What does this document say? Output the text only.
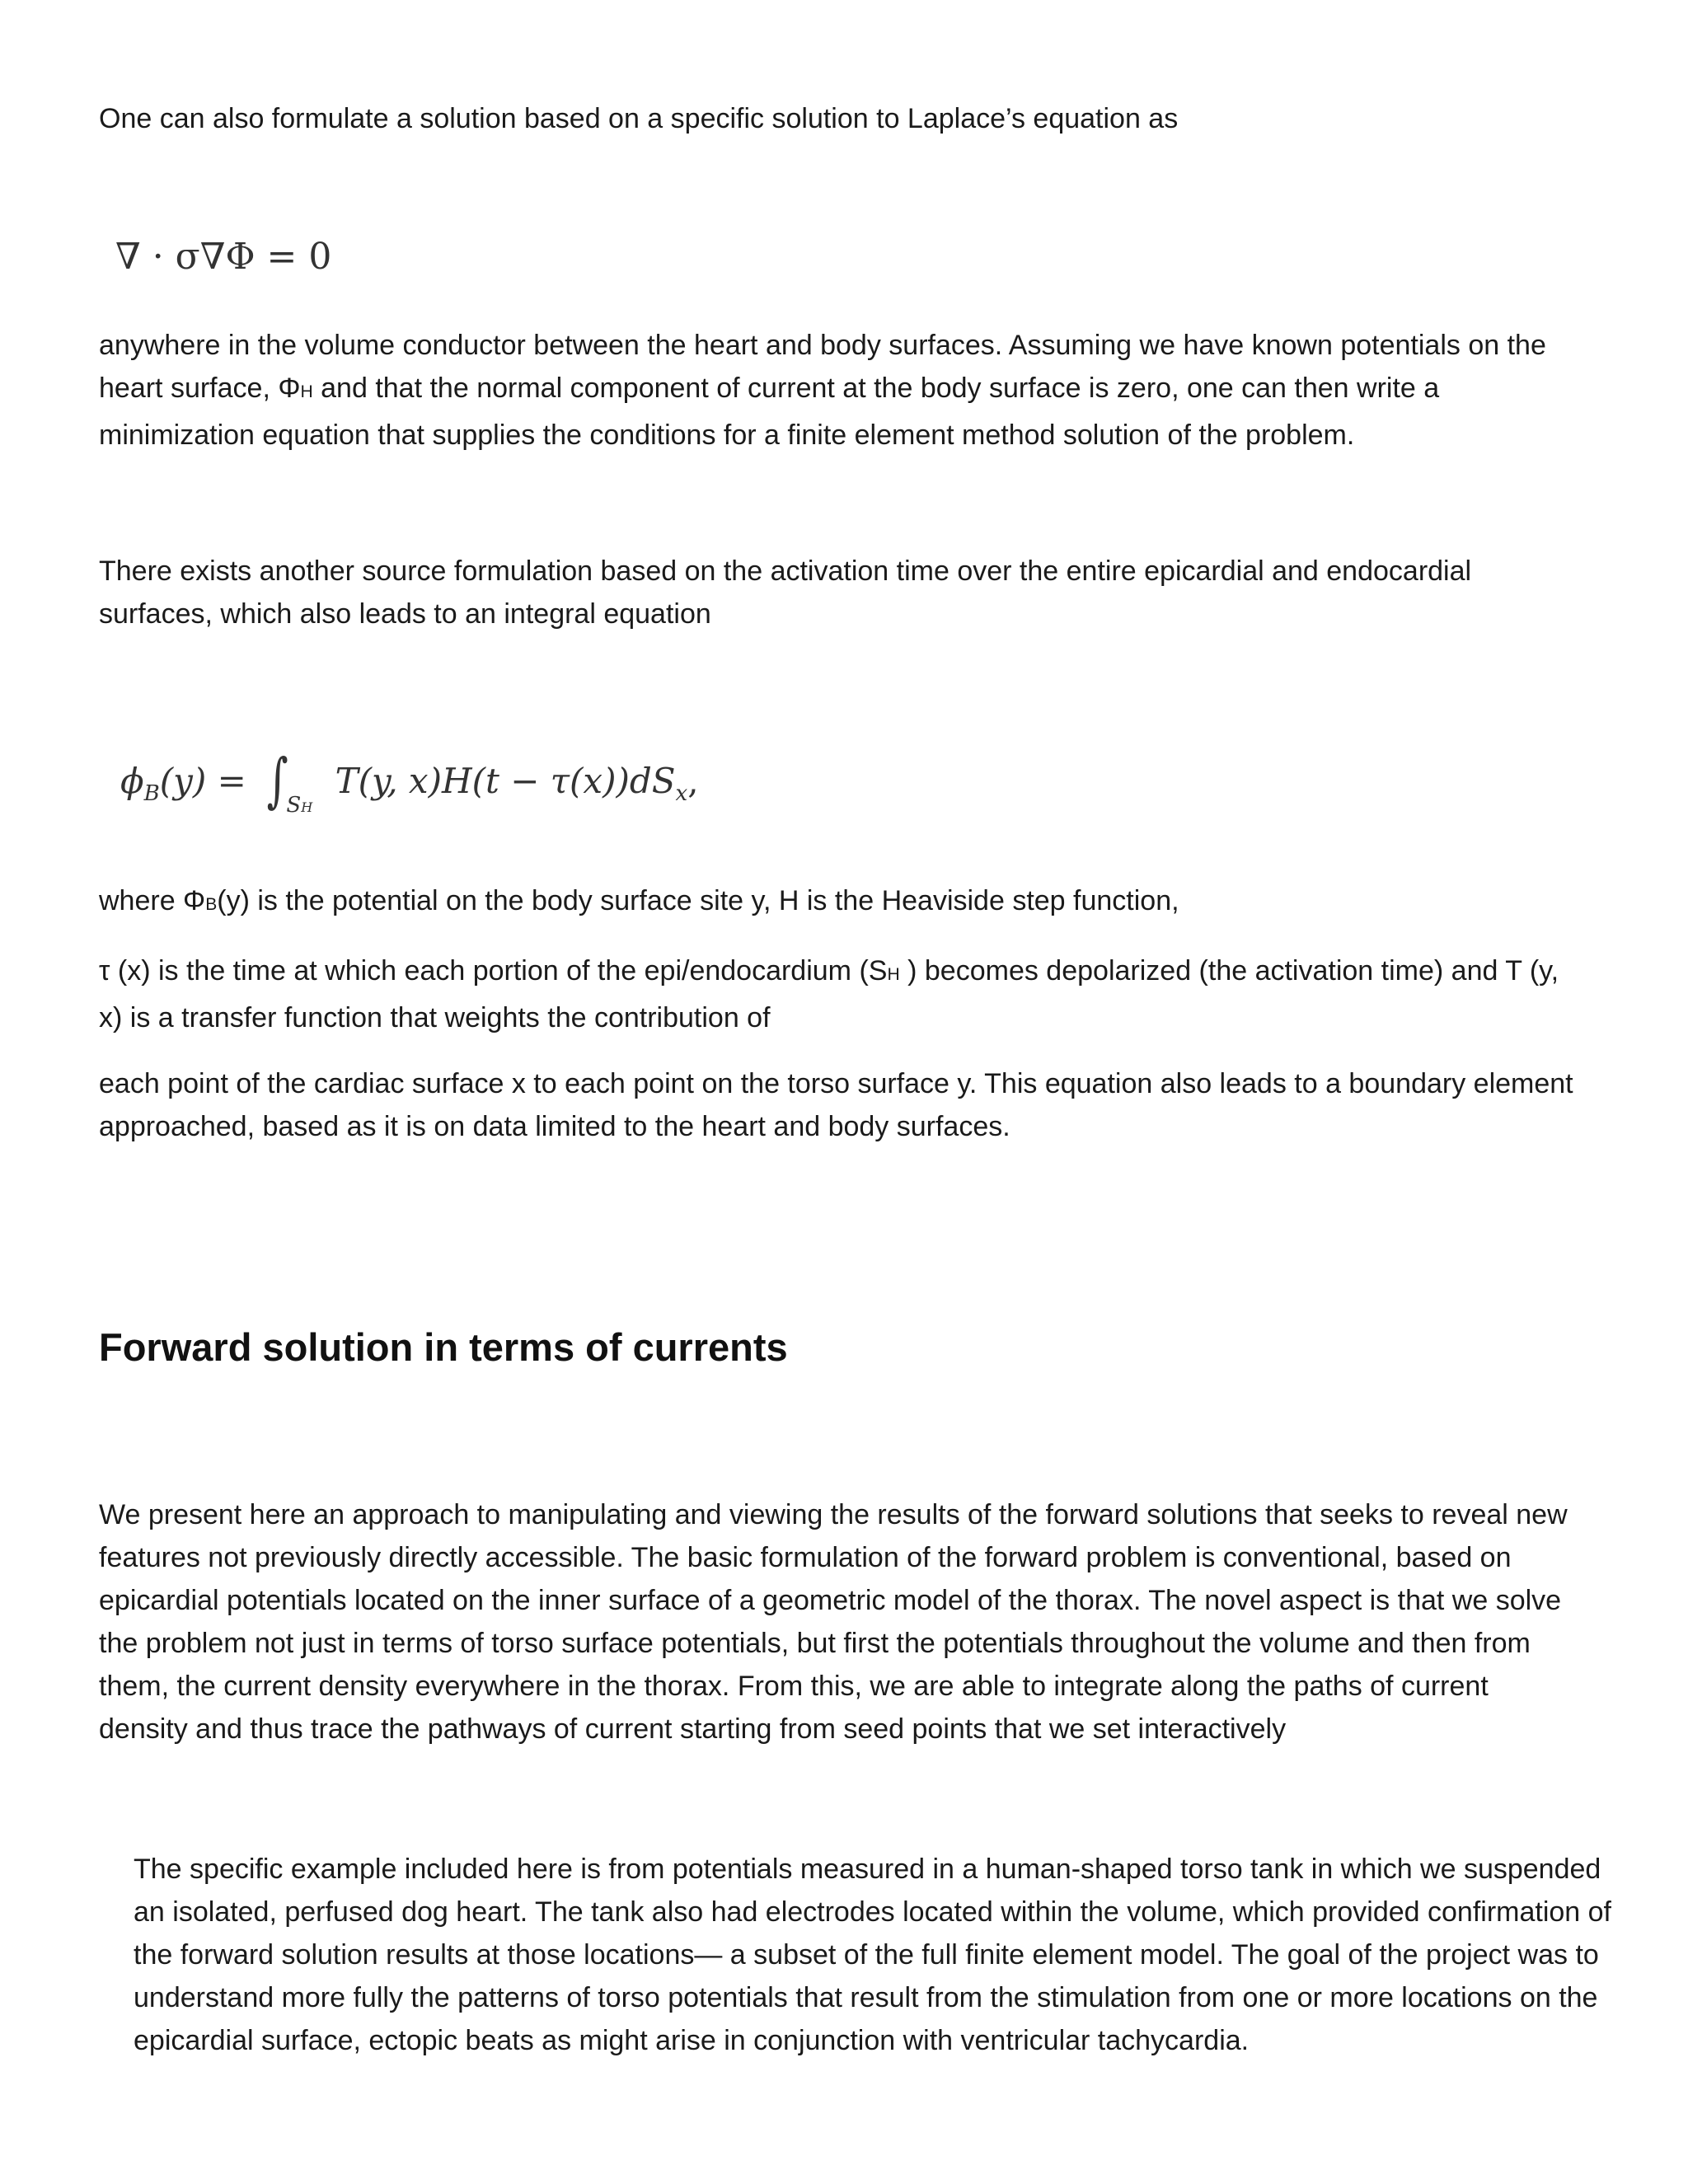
One can also formulate a solution based on a specific solution to Laplace’s equation as

∇ · σ∇Φ = 0

anywhere in the volume conductor between the heart and body surfaces. Assuming we have known potentials on the heart surface, ΦH and that the normal component of current at the body surface is zero, one can then write a minimization equation that supplies the conditions for a finite element method solution of the problem.

There exists another source formulation based on the activation time over the entire epicardial and endocardial surfaces, which also leads to an integral equation

$\phi_B(y) = \int SH$ T(y, $x)H(t - \tau(x))dS_x$,

where ΦB(y) is the potential on the body surface site y, H is the Heaviside step function,

τ (x) is the time at which each portion of the epi/endocardium (SH ) becomes depolarized (the activation time) and T (y, x) is a transfer function that weights the contribution of

each point of the cardiac surface x to each point on the torso surface y. This equation also leads to a boundary element approached, based as it is on data limited to the heart and body surfaces.

Forward solution in terms of currents

We present here an approach to manipulating and viewing the results of the forward solutions that seeks to reveal new features not previously directly accessible. The basic formulation of the forward problem is conventional, based on epicardial potentials located on the inner surface of a geometric model of the thorax. The novel aspect is that we solve the problem not just in terms of torso surface potentials, but first the potentials throughout the volume and then from them, the current density everywhere in the thorax. From this, we are able to integrate along the paths of current density and thus trace the pathways of current starting from seed points that we set interactively

The specific example included here is from potentials measured in a human-shaped torso tank in which we suspended an isolated, perfused dog heart. The tank also had electrodes located within the volume, which provided confirmation of the forward solution results at those locations— a subset of the full finite element model. The goal of the project was to understand more fully the patterns of torso potentials that result from the stimulation from one or more locations on the epicardial surface, ectopic beats as might arise in conjunction with ventricular tachycardia.
